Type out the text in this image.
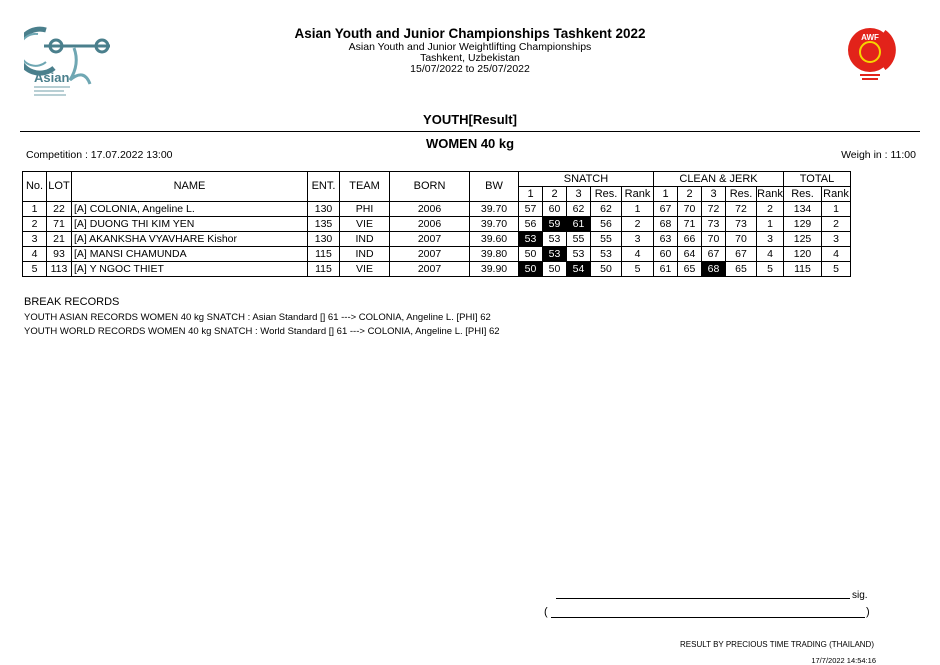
Asian
AWF
Asian Youth and Junior Championships Tashkent 2022
Asian Youth and Junior Weightlifting Championships
Tashkent, Uzbekistan
15/07/2022 to 25/07/2022
YOUTH[Result]
WOMEN 40 kg
Competition : 17.07.2022 13:00	Weigh in : 11:00
No.	LOT	NAME	ENT.	TEAM	BORN	BW	SNATCH					CLEAN & JERK					TOTAL	
							1	2	3	Res.	Rank	1	2	3	Res.	Rank	Res.	Rank
1	22	[A] COLONIA, Angeline L.	130	PHI	2006	39.70	57	60	62	62	1	67	70	72	72	2	134	1
2	71	[A] DUONG THI KIM YEN	135	VIE	2006	39.70	56	59	61	56	2	68	71	73	73	1	129	2
3	21	[A] AKANKSHA VYAVHARE Kishor	130	IND	2007	39.60	53	53	55	55	3	63	66	70	70	3	125	3
4	93	[A] MANSI CHAMUNDA	115	IND	2007	39.80	50	53	53	53	4	60	64	67	67	4	120	4
5	113	[A] Y NGOC THIET	115	VIE	2007	39.90	50	50	54	50	5	61	65	68	65	5	115	5
BREAK RECORDS
YOUTH ASIAN RECORDS WOMEN 40 kg SNATCH : Asian Standard [] 61 ---> COLONIA, Angeline L. [PHI] 62
YOUTH WORLD RECORDS WOMEN 40 kg SNATCH : World Standard [] 61 ---> COLONIA, Angeline L. [PHI] 62
sig.
(	)
RESULT BY PRECIOUS TIME TRADING (THAILAND)
17/7/2022 14:54:16
